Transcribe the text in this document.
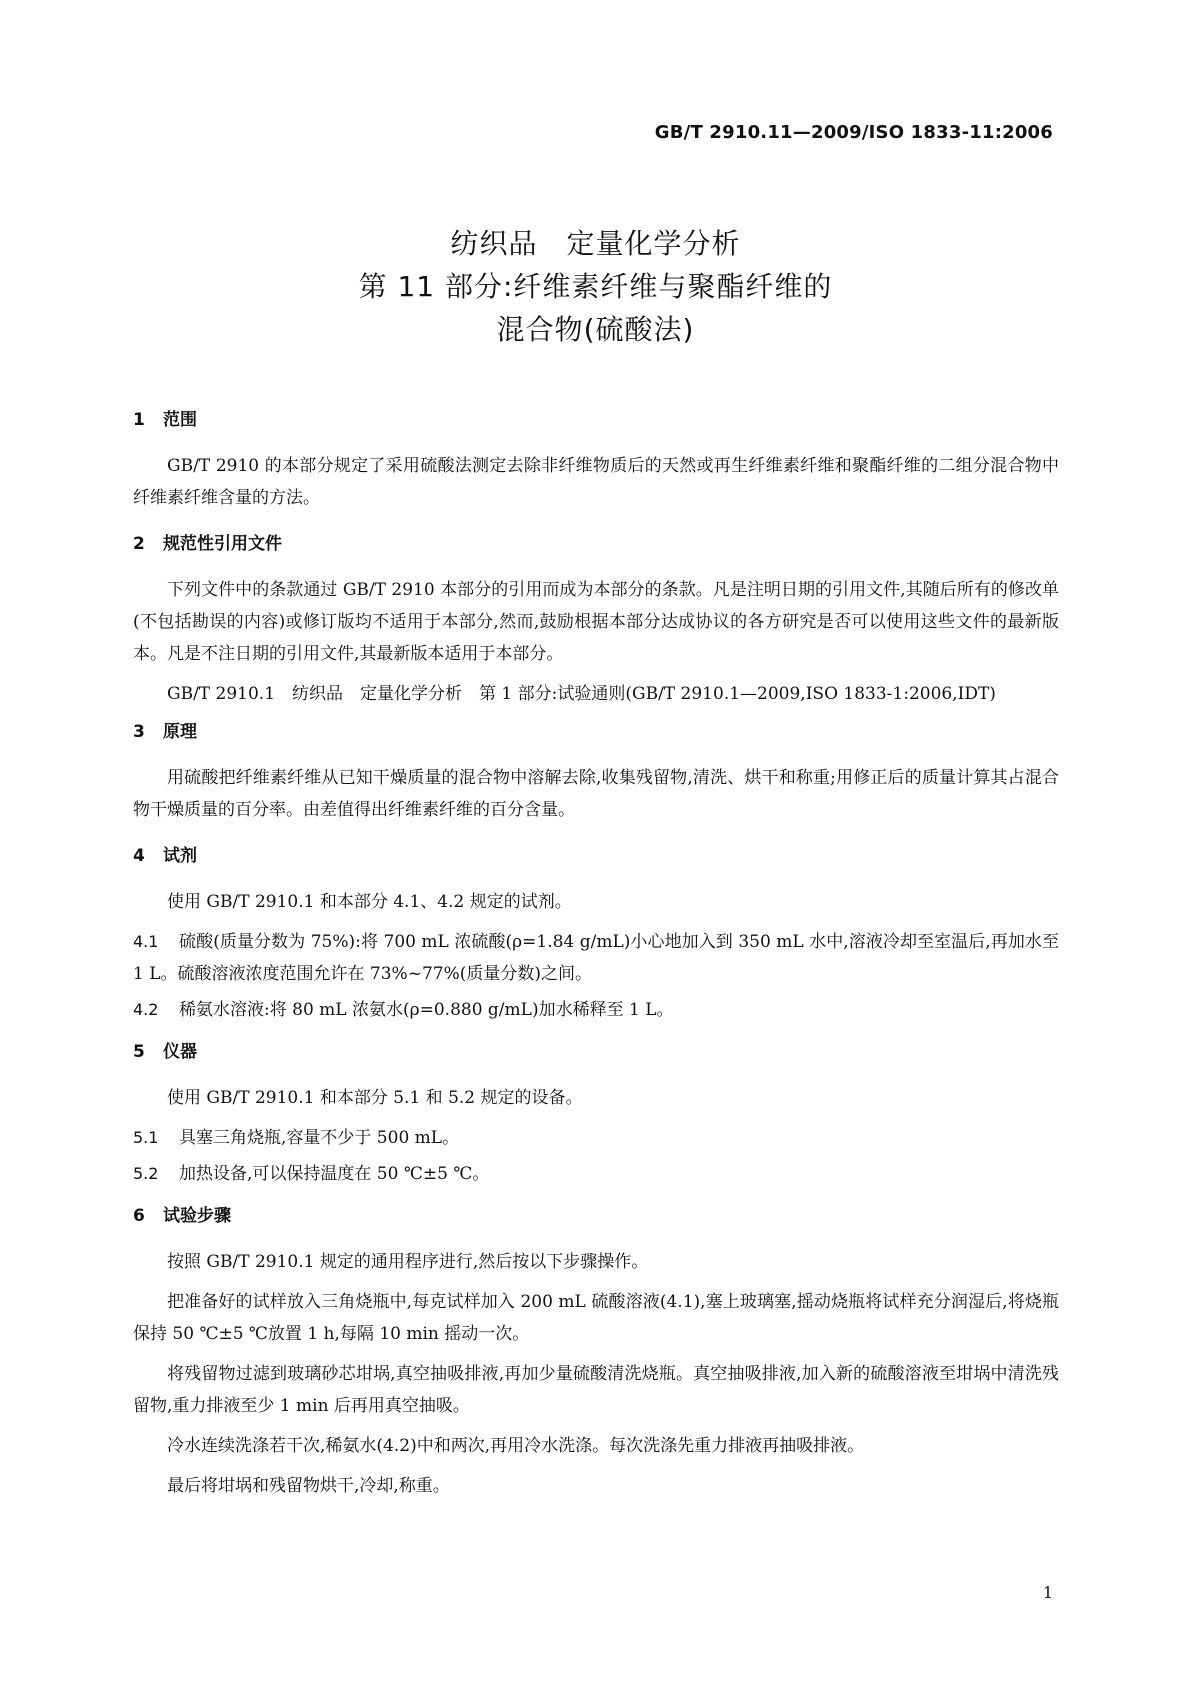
GB/T 2910.11—2009/ISO 1833-11:2006
纺织品　定量化学分析
第 11 部分:纤维素纤维与聚酯纤维的
混合物(硫酸法)
1 范围

GB/T 2910 的本部分规定了采用硫酸法测定去除非纤维物质后的天然或再生纤维素纤维和聚酯纤维的二组分混合物中纤维素纤维含量的方法。

2 规范性引用文件

下列文件中的条款通过 GB/T 2910 本部分的引用而成为本部分的条款。凡是注明日期的引用文件,其随后所有的修改单(不包括勘误的内容)或修订版均不适用于本部分,然而,鼓励根据本部分达成协议的各方研究是否可以使用这些文件的最新版本。凡是不注日期的引用文件,其最新版本适用于本部分。

GB/T 2910.1　纺织品　定量化学分析　第 1 部分:试验通则(GB/T 2910.1—2009,ISO 1833-1:2006,IDT)

3 原理

用硫酸把纤维素纤维从已知干燥质量的混合物中溶解去除,收集残留物,清洗、烘干和称重;用修正后的质量计算其占混合物干燥质量的百分率。由差值得出纤维素纤维的百分含量。

4 试剂

使用 GB/T 2910.1 和本部分 4.1、4.2 规定的试剂。

4.1 硫酸(质量分数为 75%):将 700 mL 浓硫酸(ρ=1.84 g/mL)小心地加入到 350 mL 水中,溶液冷却至室温后,再加水至 1 L。硫酸溶液浓度范围允许在 73%~77%(质量分数)之间。

4.2 稀氨水溶液:将 80 mL 浓氨水(ρ=0.880 g/mL)加水稀释至 1 L。

5 仪器

使用 GB/T 2910.1 和本部分 5.1 和 5.2 规定的设备。

5.1 具塞三角烧瓶,容量不少于 500 mL。

5.2 加热设备,可以保持温度在 50 ℃±5 ℃。

6 试验步骤

按照 GB/T 2910.1 规定的通用程序进行,然后按以下步骤操作。

把准备好的试样放入三角烧瓶中,每克试样加入 200 mL 硫酸溶液(4.1),塞上玻璃塞,摇动烧瓶将试样充分润湿后,将烧瓶保持 50 ℃±5 ℃放置 1 h,每隔 10 min 摇动一次。

将残留物过滤到玻璃砂芯坩埚,真空抽吸排液,再加少量硫酸清洗烧瓶。真空抽吸排液,加入新的硫酸溶液至坩埚中清洗残留物,重力排液至少 1 min 后再用真空抽吸。

冷水连续洗涤若干次,稀氨水(4.2)中和两次,再用冷水洗涤。每次洗涤先重力排液再抽吸排液。

最后将坩埚和残留物烘干,冷却,称重。

1
